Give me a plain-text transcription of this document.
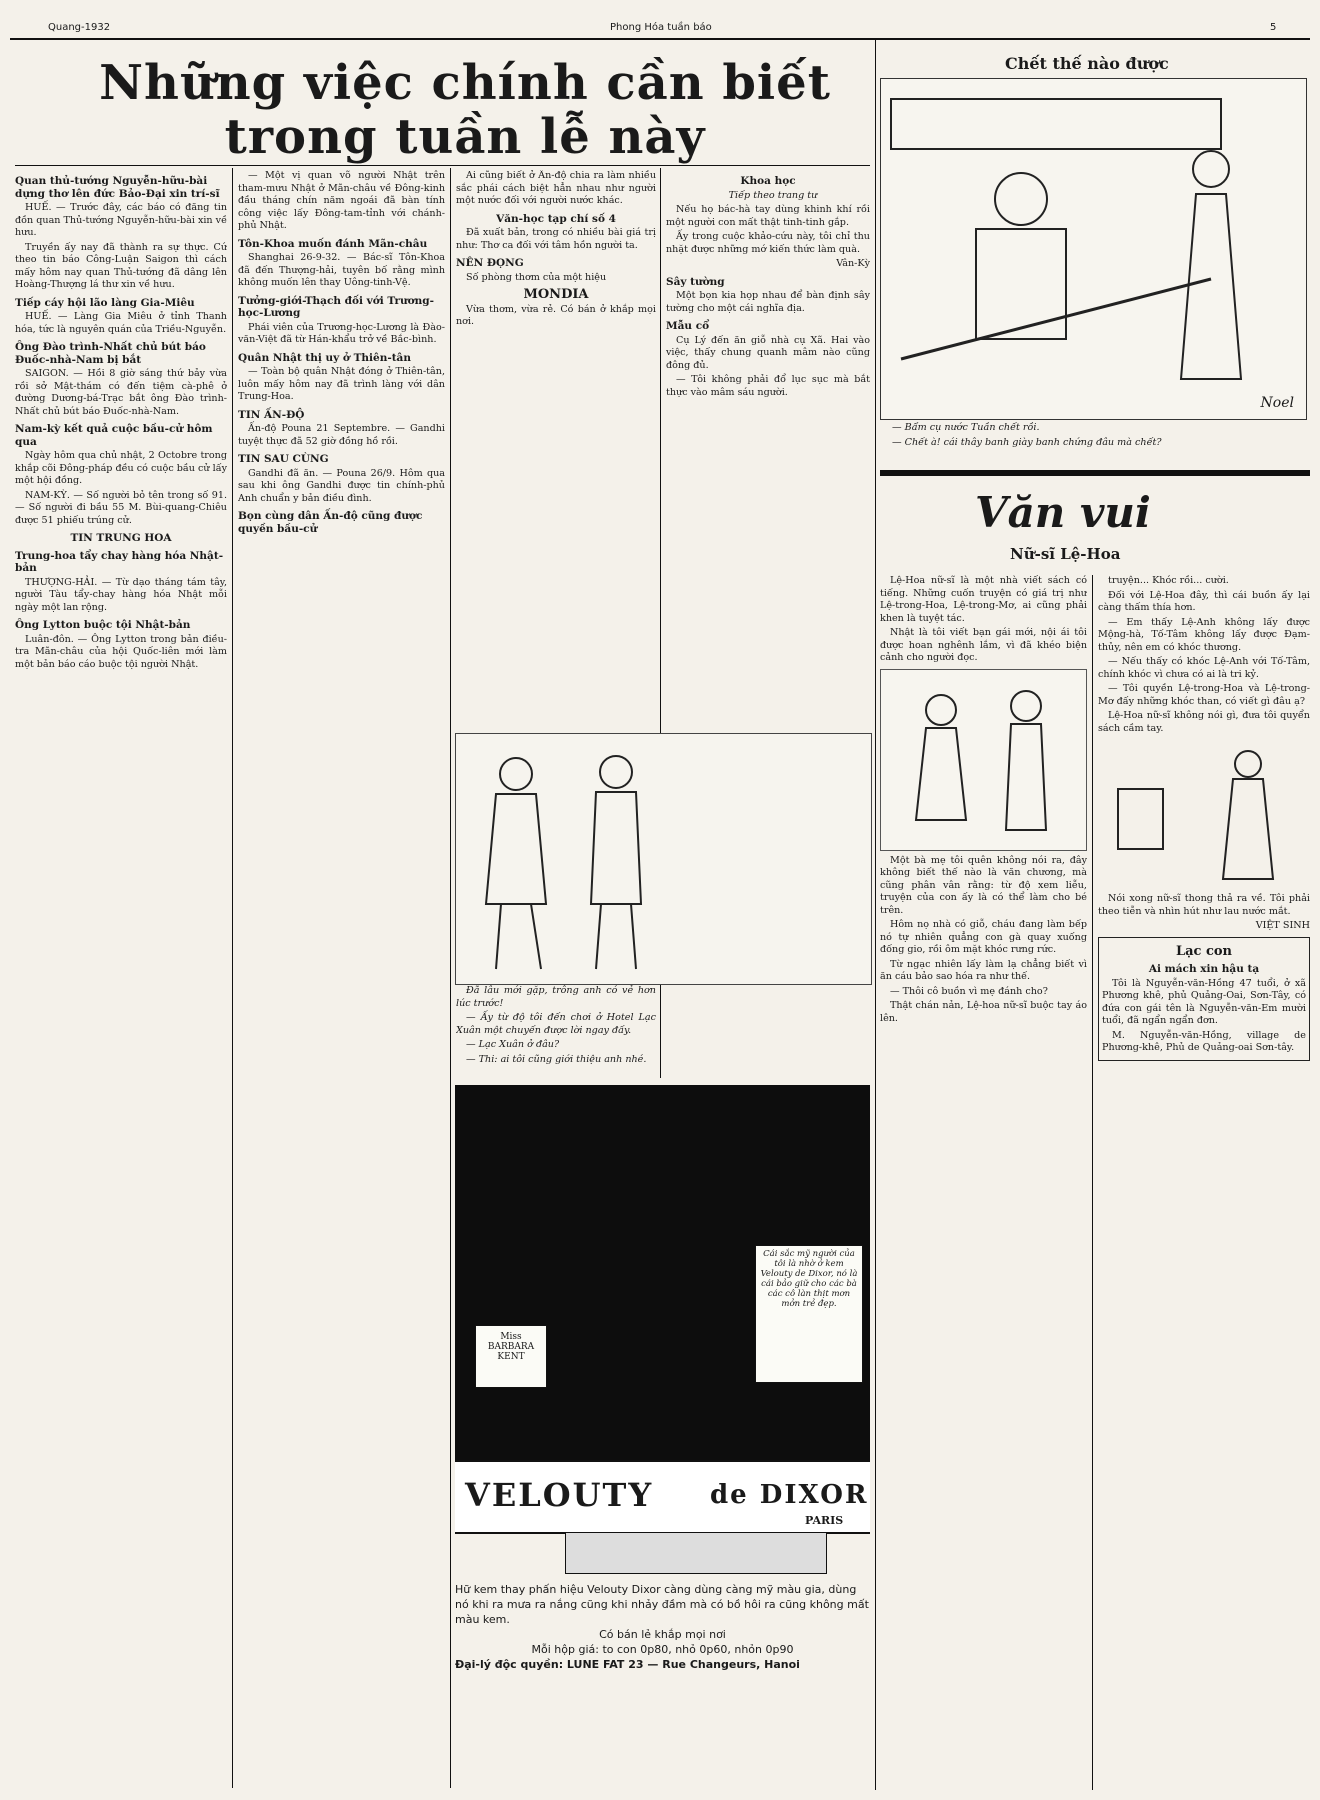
Quang-1932	Phong Hóa tuần báo	5
Những việc chính cần biết
trong tuần lễ này
Quan thủ-tướng Nguyễn-hữu-bài dựng thơ lên đức Bảo-Đại xin trí-sĩ

HUẾ. — Trước đây, các báo có đăng tin đồn quan Thủ-tướng Nguyễn-hữu-bài xin về hưu.

Truyền ấy nay đã thành ra sự thực. Cứ theo tin báo Công-Luận Saigon thì cách mấy hôm nay quan Thủ-tướng đã dâng lên Hoàng-Thượng lá thư xin về hưu.

Tiếp cáy hội lão làng Gia-Miêu

HUẾ. — Làng Gia Miêu ở tỉnh Thanh hóa, tức là nguyên quán của Triều-Nguyễn.

Ông Đào trình-Nhất chủ bút báo Đuốc-nhà-Nam bị bắt

SAIGON. — Hồi 8 giờ sáng thứ bảy vừa rồi sở Mật-thám có đến tiệm cà-phê ở đường Dương-bá-Trạc bắt ông Đào trình-Nhất chủ bút báo Đuốc-nhà-Nam.

Nam-kỳ kết quả cuộc bầu-cử hôm qua

Ngày hôm qua chủ nhật, 2 Octobre trong khắp cõi Đông-pháp đều có cuộc bầu cử lấy một hội đồng.

NAM-KỲ. — Số người bỏ tên trong số 91. — Số người đi bầu 55 M. Bùi-quang-Chiêu được 51 phiếu trúng cử.

TIN TRUNG HOA
Trung-hoa tẩy chay hàng hóa Nhật-bản

THƯỢNG-HẢI. — Từ dạo tháng tám tây, người Tàu tẩy-chay hàng hóa Nhật mỗi ngày một lan rộng.

Ông Lytton buộc tội Nhật-bản

Luân-đôn. — Ông Lytton trong bản điều-tra Mãn-châu của hội Quốc-liên mới làm một bản báo cáo buộc tội người Nhật.

— Một vị quan võ người Nhật trên tham-mưu Nhật ở Mãn-châu về Đông-kinh đầu tháng chín năm ngoái đã bàn tính công việc lấy Đông-tam-tỉnh với chánh-phủ Nhật.

Tôn-Khoa muốn đánh Mãn-châu

Shanghai 26-9-32. — Bác-sĩ Tôn-Khoa đã đến Thượng-hải, tuyên bố rằng mình không muốn lên thay Uông-tinh-Vệ.

Tưởng-giới-Thạch đối với Trương-học-Lương

Phái viên của Trương-học-Lương là Đào-văn-Việt đã từ Hán-khẩu trở về Bắc-bình.

Quân Nhật thị uy ở Thiên-tân

— Toàn bộ quân Nhật đóng ở Thiên-tân, luôn mấy hôm nay đã trình làng với dân Trung-Hoa.

TIN ẤN-ĐỘ

Ấn-độ Pouna 21 Septembre. — Gandhi tuyệt thực đã 52 giờ đồng hồ rồi.

TIN SAU CÙNG

Gandhi đã ăn. — Pouna 26/9. Hôm qua sau khi ông Gandhi được tin chính-phủ Anh chuẩn y bản điều đình.

Bọn cùng dân Ấn-độ cũng được quyền bầu-cử

Ai cũng biết ở Ấn-độ chia ra làm nhiều sắc phái cách biệt hẳn nhau như người một nước đối với người nước khác.

Văn-học tạp chí số 4

Đã xuất bản, trong có nhiều bài giá trị như: Thơ ca đối với tâm hồn người ta.

NÊN ĐỌNG

Số phòng thơm của một hiệu

MONDIA

Vừa thơm, vừa rẻ. Có bán ở khắp mọi nơi.

Đã lâu mới gặp, trông anh có vẻ hơn lúc trước!

— Ấy từ độ tôi đến chơi ở Hotel Lạc Xuân một chuyến được lời ngay đấy.

— Lạc Xuân ở đâu?

— Thi: ai tôi cũng giới thiệu anh nhé.

Khoa học

Tiếp theo trang tư

Nếu họ bác-hà tay dùng khinh khí rồi một người con mất thật tinh-tinh gắp.

Ấy trong cuộc khảo-cứu này, tôi chỉ thu nhặt được những mớ kiến thức làm quà.

Vân-Kỳ

Sây tường

Một bọn kia họp nhau để bàn định sây tường cho một cái nghĩa địa.

Mẫu cổ

Cụ Lý đến ăn giỗ nhà cụ Xã. Hai vào việc, thấy chung quanh mâm nào cũng đông đủ.

— Tôi không phải đổ lục sục mà bắt thực vào mâm sáu người.

Miss BARBARA KENT
Cái sắc mỹ người của tôi là nhờ ở kem Velouty de Dixor, nó là cái bảo giữ cho các bà các cô làn thịt mơn mởn trẻ đẹp.
VELOUTY de DIXOR
PARIS
Hữ kem thay phấn hiệu Velouty Dixor càng dùng càng mỹ màu gia, dùng nó khi ra mưa ra nắng cũng khi nhảy đầm mà có bồ hôi ra cũng không mất màu kem.
Có bán lẻ khắp mọi nơi
Mỗi hộp giá: to con 0p80, nhỏ 0p60, nhỏn 0p90
Đại-lý độc quyền: LUNE FAT 23 — Rue Changeurs, Hanoi
Chết thế nào được
Noel

— Bẩm cụ nước Tuần chết rồi.

— Chết à! cái thây banh giày banh chứng đâu mà chết?

Văn vui
Nữ-sĩ Lệ-Hoa

Lệ-Hoa nữ-sĩ là một nhà viết sách có tiếng. Những cuốn truyện có giá trị như Lệ-trong-Hoa, Lệ-trong-Mơ, ai cũng phải khen là tuyệt tác.

Nhật là tôi viết bạn gái mới, nội ái tôi được hoan nghênh lắm, vì đã khéo biện cảnh cho người đọc.

Một bà mẹ tôi quên không nói ra, đây không biết thế nào là văn chương, mà cũng phân vân rằng: từ độ xem liễu, truyện của con ấy là có thể làm cho bé trên.

Hôm nọ nhà có giỗ, cháu đang làm bếp nó tự nhiên quẳng con gà quay xuống đống gio, rồi ôm mặt khóc rưng rức.

Từ ngạc nhiên lấy làm lạ chẳng biết vì ăn cáu bảo sao hóa ra như thế.

— Thôi cô buồn vì mẹ đánh cho?

Thật chán nản, Lệ-hoa nữ-sĩ buộc tay áo lên.

truyện... Khóc rồi... cười.

Đối với Lệ-Hoa đây, thì cái buồn ấy lại càng thấm thía hơn.

— Em thấy Lệ-Anh không lấy được Mộng-hà, Tố-Tâm không lấy được Đạm-thủy, nên em có khóc thương.

— Nếu thấy có khóc Lệ-Anh với Tố-Tâm, chính khóc vì chưa có ai là tri kỷ.

— Tôi quyền Lệ-trong-Hoa và Lệ-trong-Mơ đấy những khóc than, có viết gì đâu ạ?

Lệ-Hoa nữ-sĩ không nói gì, đưa tôi quyển sách cầm tay.

Nói xong nữ-sĩ thong thả ra về. Tôi phải theo tiễn và nhìn hút như lau nước mắt.

VIỆT SINH

Lạc con
Ai mách xin hậu tạ

Tôi là Nguyễn-văn-Hồng 47 tuổi, ở xã Phương khê, phủ Quảng-Oai, Sơn-Tây, có đứa con gái tên là Nguyễn-văn-Em mười tuổi, đã ngẩn ngẩn đơn.

M. Nguyễn-văn-Hồng, village de Phương-khê, Phủ de Quảng-oai Sơn-tây.
